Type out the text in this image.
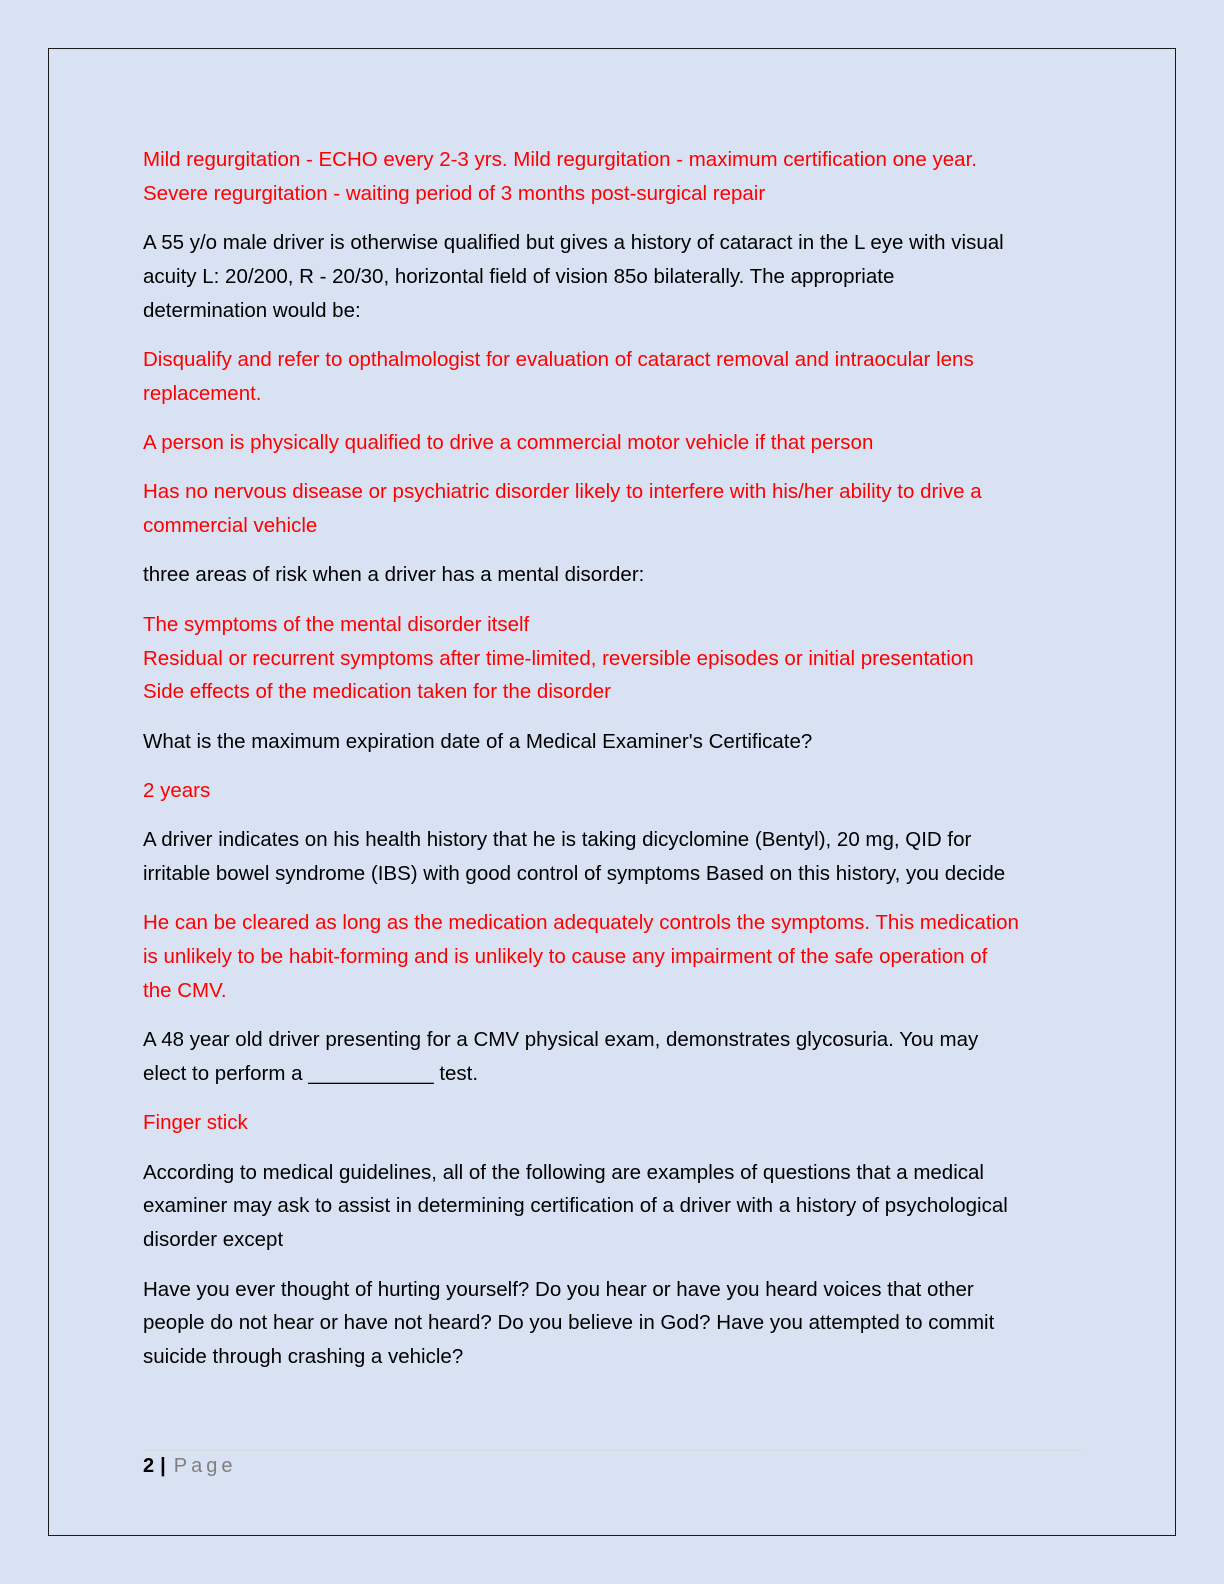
Mild regurgitation - ECHO every 2-3 yrs. Mild regurgitation - maximum certification one year.
Severe regurgitation - waiting period of 3 months post-surgical repair

A 55 y/o male driver is otherwise qualified but gives a history of cataract in the L eye with visual
acuity L: 20/200, R - 20/30, horizontal field of vision 85o bilaterally. The appropriate
determination would be:

Disqualify and refer to opthalmologist for evaluation of cataract removal and intraocular lens
replacement.

A person is physically qualified to drive a commercial motor vehicle if that person

Has no nervous disease or psychiatric disorder likely to interfere with his/her ability to drive a
commercial vehicle

three areas of risk when a driver has a mental disorder:

The symptoms of the mental disorder itself
Residual or recurrent symptoms after time-limited, reversible episodes or initial presentation
Side effects of the medication taken for the disorder

What is the maximum expiration date of a Medical Examiner's Certificate?

2 years

A driver indicates on his health history that he is taking dicyclomine (Bentyl), 20 mg, QID for
irritable bowel syndrome (IBS) with good control of symptoms Based on this history, you decide

He can be cleared as long as the medication adequately controls the symptoms. This medication
is unlikely to be habit-forming and is unlikely to cause any impairment of the safe operation of
the CMV.

A 48 year old driver presenting for a CMV physical exam, demonstrates glycosuria. You may
elect to perform a ___________ test.

Finger stick

According to medical guidelines, all of the following are examples of questions that a medical
examiner may ask to assist in determining certification of a driver with a history of psychological
disorder except

Have you ever thought of hurting yourself? Do you hear or have you heard voices that other
people do not hear or have not heard? Do you believe in God? Have you attempted to commit
suicide through crashing a vehicle?

2 | Page
